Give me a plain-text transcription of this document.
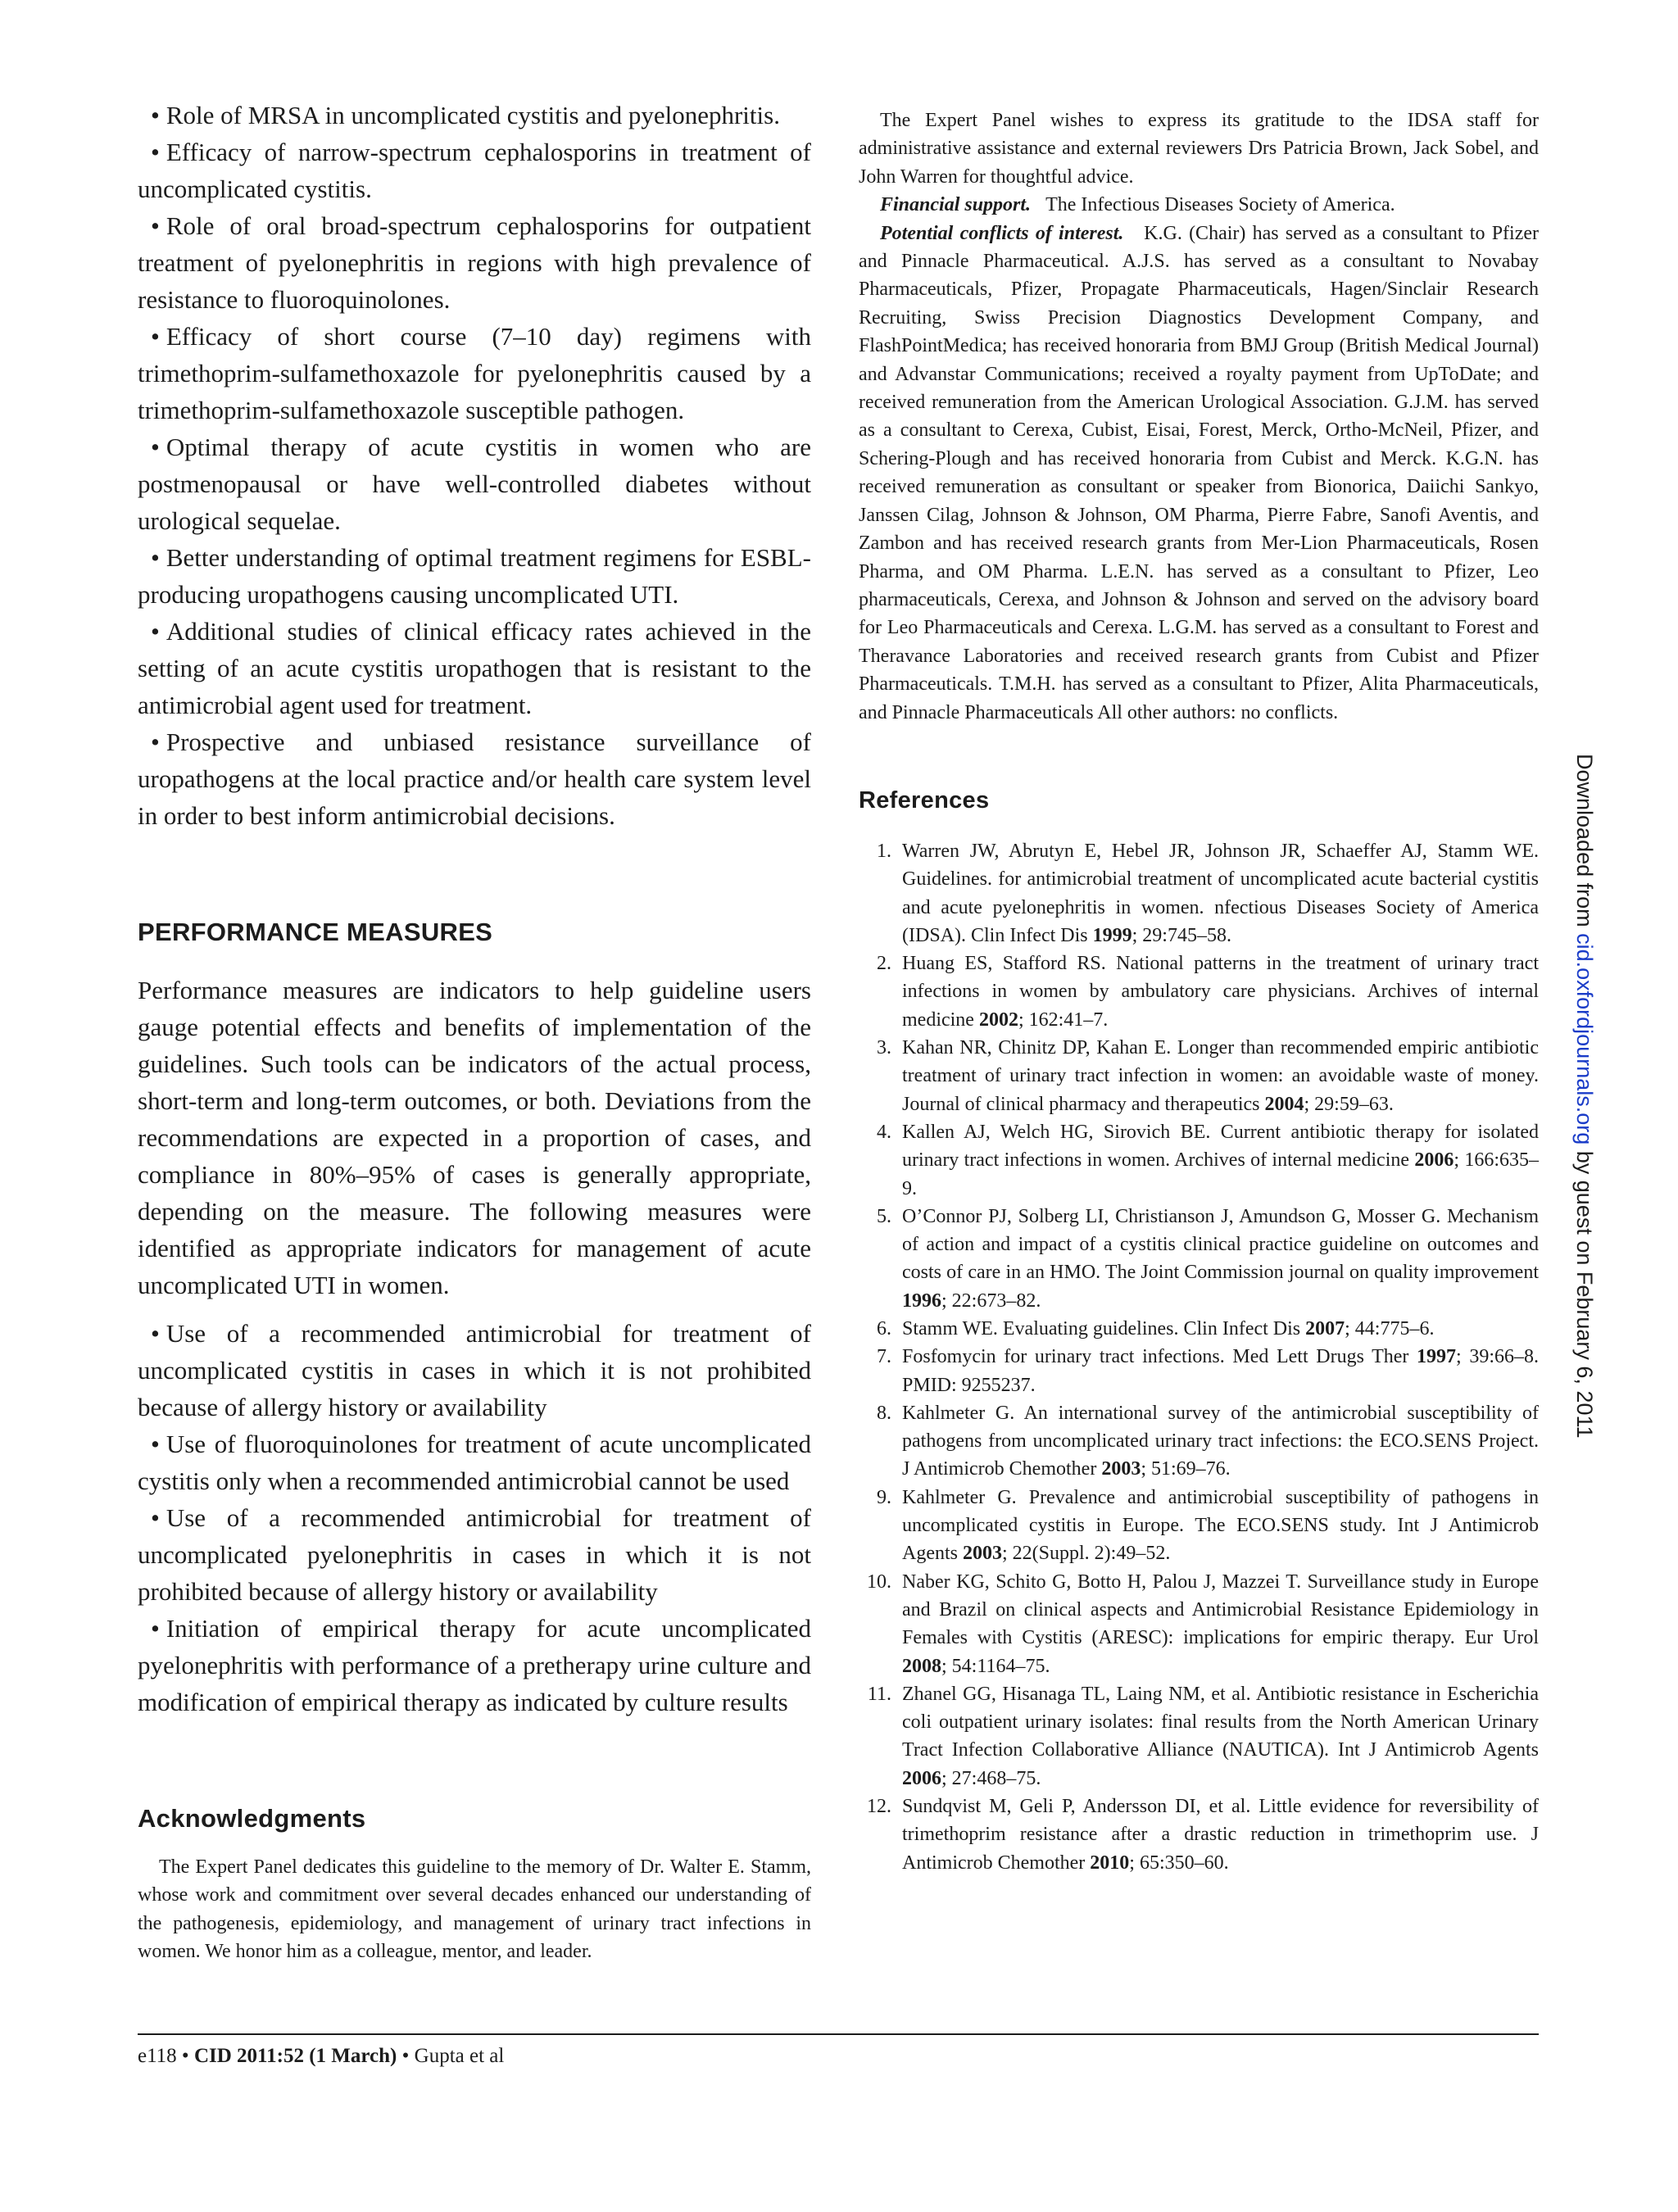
• Role of MRSA in uncomplicated cystitis and pyelonephritis.
• Efficacy of narrow-spectrum cephalosporins in treatment of uncomplicated cystitis.
• Role of oral broad-spectrum cephalosporins for outpatient treatment of pyelonephritis in regions with high prevalence of resistance to fluoroquinolones.
• Efficacy of short course (7–10 day) regimens with trimethoprim-sulfamethoxazole for pyelonephritis caused by a trimethoprim-sulfamethoxazole susceptible pathogen.
• Optimal therapy of acute cystitis in women who are postmenopausal or have well-controlled diabetes without urological sequelae.
• Better understanding of optimal treatment regimens for ESBL- producing uropathogens causing uncomplicated UTI.
• Additional studies of clinical efficacy rates achieved in the setting of an acute cystitis uropathogen that is resistant to the antimicrobial agent used for treatment.
• Prospective and unbiased resistance surveillance of uropathogens at the local practice and/or health care system level in order to best inform antimicrobial decisions.
PERFORMANCE MEASURES

Performance measures are indicators to help guideline users gauge potential effects and benefits of implementation of the guidelines. Such tools can be indicators of the actual process, short-term and long-term outcomes, or both. Deviations from the recommendations are expected in a proportion of cases, and compliance in 80%–95% of cases is generally appropriate, depending on the measure. The following measures were identified as appropriate indicators for management of acute uncomplicated UTI in women.

• Use of a recommended antimicrobial for treatment of uncomplicated cystitis in cases in which it is not prohibited because of allergy history or availability
• Use of fluoroquinolones for treatment of acute uncomplicated cystitis only when a recommended antimicrobial cannot be used
• Use of a recommended antimicrobial for treatment of uncomplicated pyelonephritis in cases in which it is not prohibited because of allergy history or availability
• Initiation of empirical therapy for acute uncomplicated pyelonephritis with performance of a pretherapy urine culture and modification of empirical therapy as indicated by culture results
Acknowledgments

The Expert Panel dedicates this guideline to the memory of Dr. Walter E. Stamm, whose work and commitment over several decades enhanced our understanding of the pathogenesis, epidemiology, and management of urinary tract infections in women. We honor him as a colleague, mentor, and leader.

The Expert Panel wishes to express its gratitude to the IDSA staff for administrative assistance and external reviewers Drs Patricia Brown, Jack Sobel, and John Warren for thoughtful advice.

Financial support. The Infectious Diseases Society of America.

Potential conflicts of interest. K.G. (Chair) has served as a consultant to Pfizer and Pinnacle Pharmaceutical. A.J.S. has served as a consultant to Novabay Pharmaceuticals, Pfizer, Propagate Pharmaceuticals, Hagen/Sinclair Research Recruiting, Swiss Precision Diagnostics Development Company, and FlashPointMedica; has received honoraria from BMJ Group (British Medical Journal) and Advanstar Communications; received a royalty payment from UpToDate; and received remuneration from the American Urological Association. G.J.M. has served as a consultant to Cerexa, Cubist, Eisai, Forest, Merck, Ortho-McNeil, Pfizer, and Schering-Plough and has received honoraria from Cubist and Merck. K.G.N. has received remuneration as consultant or speaker from Bionorica, Daiichi Sankyo, Janssen Cilag, Johnson & Johnson, OM Pharma, Pierre Fabre, Sanofi Aventis, and Zambon and has received research grants from Mer-Lion Pharmaceuticals, Rosen Pharma, and OM Pharma. L.E.N. has served as a consultant to Pfizer, Leo pharmaceuticals, Cerexa, and Johnson & Johnson and served on the advisory board for Leo Pharmaceuticals and Cerexa. L.G.M. has served as a consultant to Forest and Theravance Laboratories and received research grants from Cubist and Pfizer Pharmaceuticals. T.M.H. has served as a consultant to Pfizer, Alita Pharmaceuticals, and Pinnacle Pharmaceuticals All other authors: no conflicts.

References
1. Warren JW, Abrutyn E, Hebel JR, Johnson JR, Schaeffer AJ, Stamm WE. Guidelines. for antimicrobial treatment of uncomplicated acute bacterial cystitis and acute pyelonephritis in women. nfectious Diseases Society of America (IDSA). Clin Infect Dis 1999; 29:745–58.
2. Huang ES, Stafford RS. National patterns in the treatment of urinary tract infections in women by ambulatory care physicians. Archives of internal medicine 2002; 162:41–7.
3. Kahan NR, Chinitz DP, Kahan E. Longer than recommended empiric antibiotic treatment of urinary tract infection in women: an avoidable waste of money. Journal of clinical pharmacy and therapeutics 2004; 29:59–63.
4. Kallen AJ, Welch HG, Sirovich BE. Current antibiotic therapy for isolated urinary tract infections in women. Archives of internal medicine 2006; 166:635–9.
5. O’Connor PJ, Solberg LI, Christianson J, Amundson G, Mosser G. Mechanism of action and impact of a cystitis clinical practice guideline on outcomes and costs of care in an HMO. The Joint Commission journal on quality improvement 1996; 22:673–82.
6. Stamm WE. Evaluating guidelines. Clin Infect Dis 2007; 44:775–6.
7. Fosfomycin for urinary tract infections. Med Lett Drugs Ther 1997; 39:66–8. PMID: 9255237.
8. Kahlmeter G. An international survey of the antimicrobial susceptibility of pathogens from uncomplicated urinary tract infections: the ECO.SENS Project. J Antimicrob Chemother 2003; 51:69–76.
9. Kahlmeter G. Prevalence and antimicrobial susceptibility of pathogens in uncomplicated cystitis in Europe. The ECO.SENS study. Int J Antimicrob Agents 2003; 22(Suppl. 2):49–52.
10. Naber KG, Schito G, Botto H, Palou J, Mazzei T. Surveillance study in Europe and Brazil on clinical aspects and Antimicrobial Resistance Epidemiology in Females with Cystitis (ARESC): implications for empiric therapy. Eur Urol 2008; 54:1164–75.
11. Zhanel GG, Hisanaga TL, Laing NM, et al. Antibiotic resistance in Escherichia coli outpatient urinary isolates: final results from the North American Urinary Tract Infection Collaborative Alliance (NAUTICA). Int J Antimicrob Agents 2006; 27:468–75.
12. Sundqvist M, Geli P, Andersson DI, et al. Little evidence for reversibility of trimethoprim resistance after a drastic reduction in trimethoprim use. J Antimicrob Chemother 2010; 65:350–60.
e118 • CID 2011:52 (1 March) • Gupta et al
Downloaded from cid.oxfordjournals.org by guest on February 6, 2011
